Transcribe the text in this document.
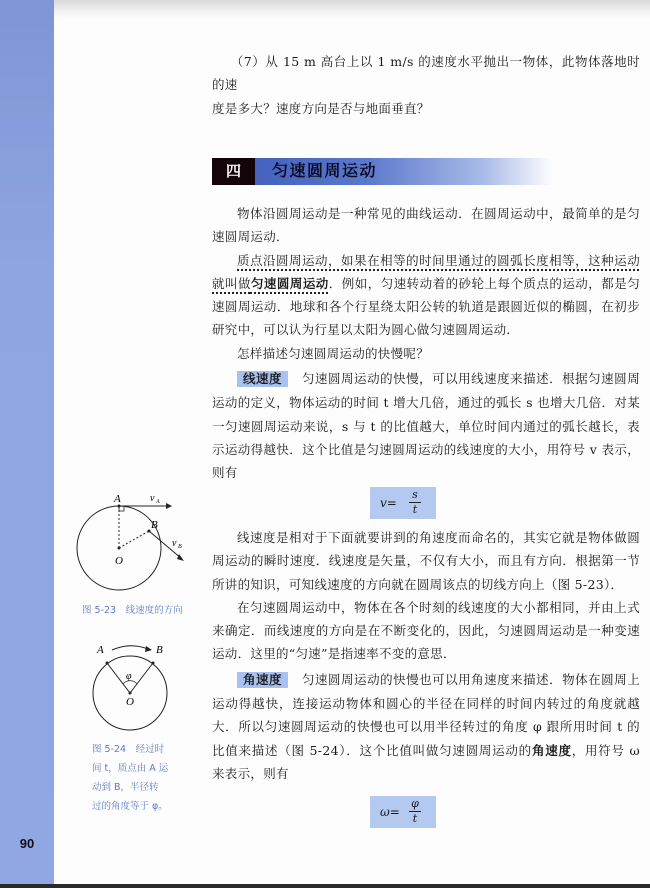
90

（7）从 15 m 高台上以 1 m/s 的速度水平抛出一物体，此物体落地时的速

度是多大？速度方向是否与地面垂直？

四	匀速圆周运动

物体沿圆周运动是一种常见的曲线运动．在圆周运动中，最简单的是匀速圆周运动．

质点沿圆周运动，如果在相等的时间里通过的圆弧长度相等，这种运动就叫做匀速圆周运动．例如，匀速转动着的砂轮上每个质点的运动，都是匀速圆周运动．地球和各个行星绕太阳公转的轨道是跟圆近似的椭圆，在初步研究中，可以认为行星以太阳为圆心做匀速圆周运动．

怎样描述匀速圆周运动的快慢呢？

线速度 匀速圆周运动的快慢，可以用线速度来描述．根据匀速圆周运动的定义，物体运动的时间 t 增大几倍，通过的弧长 s 也增大几倍．对某一匀速圆周运动来说，s 与 t 的比值越大，单位时间内通过的弧长越长，表示运动得越快．这个比值是匀速圆周运动的线速度的大小，用符号 v 表示，则有

v=
s
t

线速度是相对于下面就要讲到的角速度而命名的，其实它就是物体做圆周运动的瞬时速度．线速度是矢量，不仅有大小，而且有方向．根据第一节所讲的知识，可知线速度的方向就在圆周该点的切线方向上（图 5-23）．

在匀速圆周运动中，物体在各个时刻的线速度的大小都相同，并由上式来确定．而线速度的方向是在不断变化的，因此，匀速圆周运动是一种变速运动．这里的“匀速”是指速率不变的意思．

角速度 匀速圆周运动的快慢也可以用角速度来描述．物体在圆周上运动得越快，连接运动物体和圆心的半径在同样的时间内转过的角度就越大．所以匀速圆周运动的快慢也可以用半径转过的角度 φ 跟所用时间 t 的比值来描述（图 5-24）．这个比值叫做匀速圆周运动的角速度，用符号 ω 来表示，则有

ω=
φ
t
A
B
O
v A
v B
图 5-23　线速度的方向
A	B
O
φ
图 5-24　经过时
间 t，质点由 A 运
动到 B，半径转
过的角度等于 φ。
